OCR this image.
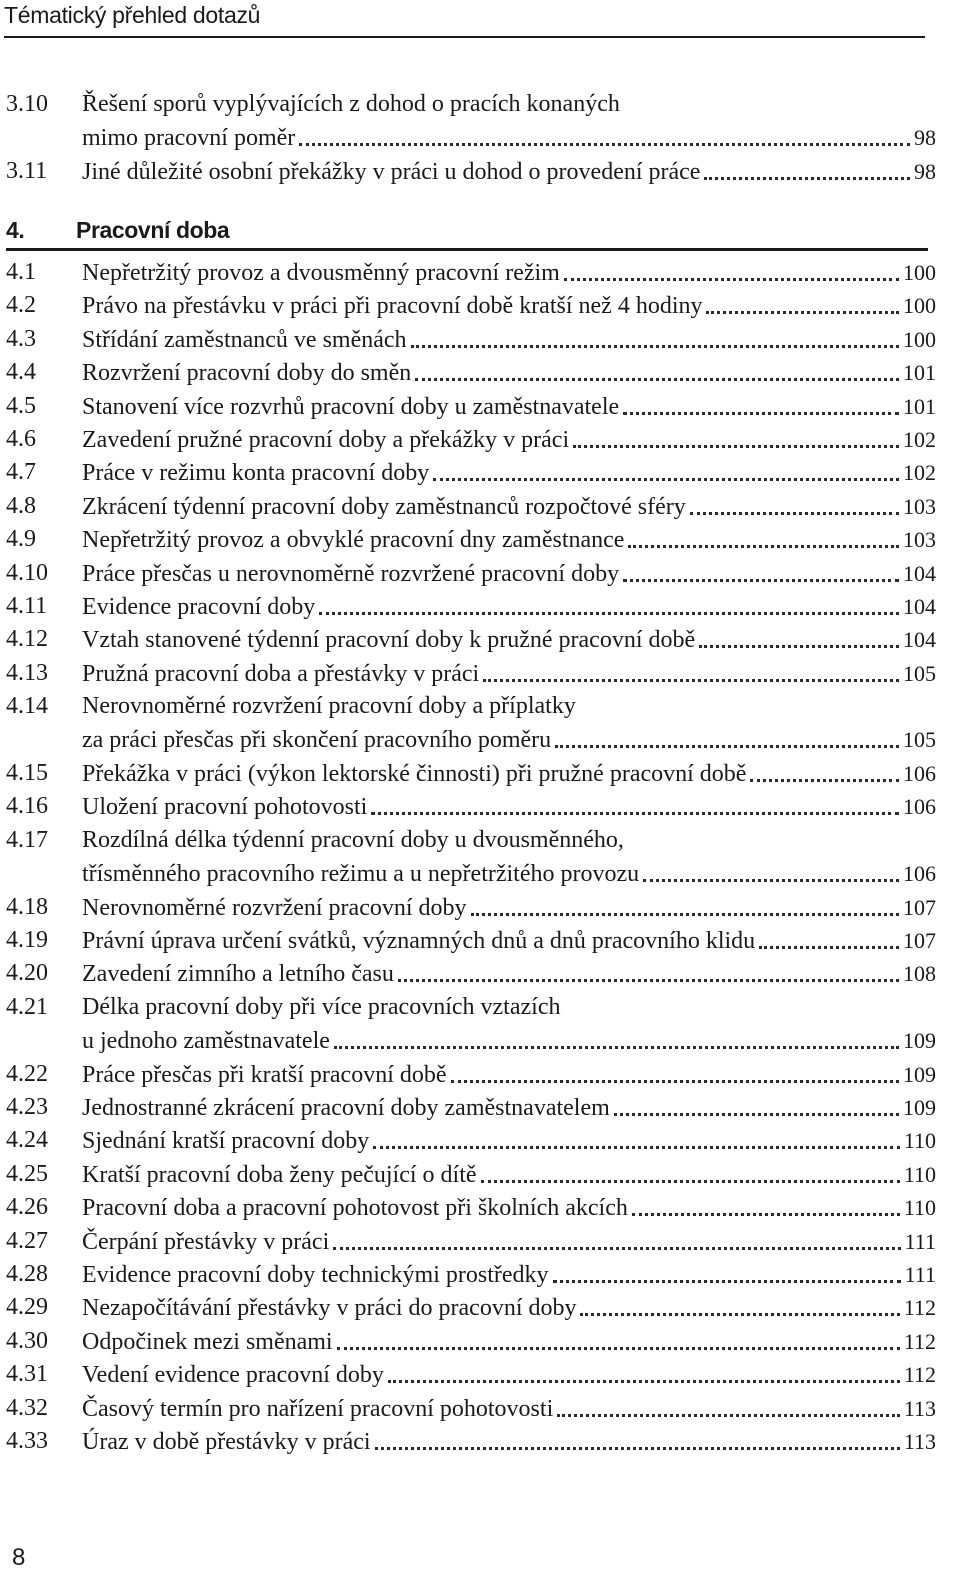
Tématický přehled dotazů
4. Pracovní doba
3.10 Řešení sporů vyplývajících z dohod o pracích konaných
mimo pracovní poměr	98
3.11 Jiné důležité osobní překážky v práci u dohod o provedení práce	98
4.1 Nepřetržitý provoz a dvousměnný pracovní režim	100
4.2 Právo na přestávku v práci při pracovní době kratší než 4 hodiny	100
4.3 Střídání zaměstnanců ve směnách	100
4.4 Rozvržení pracovní doby do směn	101
4.5 Stanovení více rozvrhů pracovní doby u zaměstnavatele	101
4.6 Zavedení pružné pracovní doby a překážky v práci	102
4.7 Práce v režimu konta pracovní doby	102
4.8 Zkrácení týdenní pracovní doby zaměstnanců rozpočtové sféry	103
4.9 Nepřetržitý provoz a obvyklé pracovní dny zaměstnance	103
4.10 Práce přesčas u nerovnoměrně rozvržené pracovní doby	104
4.11 Evidence pracovní doby	104
4.12 Vztah stanovené týdenní pracovní doby k pružné pracovní době	104
4.13 Pružná pracovní doba a přestávky v práci	105
4.14 Nerovnoměrné rozvržení pracovní doby a příplatky
za práci přesčas při skončení pracovního poměru	105
4.15 Překážka v práci (výkon lektorské činnosti) při pružné pracovní době	106
4.16 Uložení pracovní pohotovosti	106
4.17 Rozdílná délka týdenní pracovní doby u dvousměnného,
třísměnného pracovního režimu a u nepřetržitého provozu	106
4.18 Nerovnoměrné rozvržení pracovní doby	107
4.19 Právní úprava určení svátků, významných dnů a dnů pracovního klidu	107
4.20 Zavedení zimního a letního času	108
4.21 Délka pracovní doby při více pracovních vztazích
u jednoho zaměstnavatele	109
4.22 Práce přesčas při kratší pracovní době	109
4.23 Jednostranné zkrácení pracovní doby zaměstnavatelem	109
4.24 Sjednání kratší pracovní doby	110
4.25 Kratší pracovní doba ženy pečující o dítě	110
4.26 Pracovní doba a pracovní pohotovost při školních akcích	110
4.27 Čerpání přestávky v práci	111
4.28 Evidence pracovní doby technickými prostředky	111
4.29 Nezapočítávání přestávky v práci do pracovní doby	112
4.30 Odpočinek mezi směnami	112
4.31 Vedení evidence pracovní doby	112
4.32 Časový termín pro nařízení pracovní pohotovosti	113
4.33 Úraz v době přestávky v práci	113
8
